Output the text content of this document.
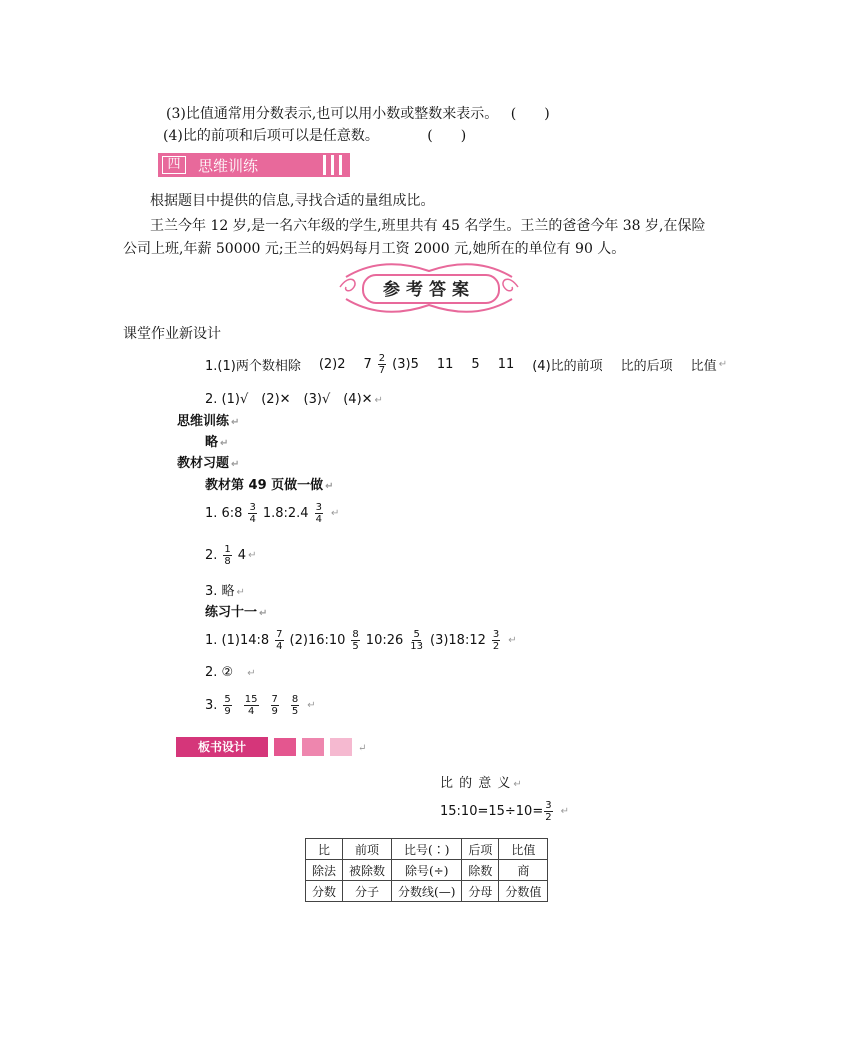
(3)比值通常用分数表示,也可以用小数或整数来表示。 (　　)
(4)比的前项和后项可以是任意数。	(　　)
四	思维训练
根据题目中提供的信息,寻找合适的量组成比。
王兰今年 12 岁,是一名六年级的学生,班里共有 45 名学生。王兰的爸爸今年 38 岁,在保险
公司上班,年薪 50000 元;王兰的妈妈每月工资 2000 元,她所在的单位有 90 人。
参考答案
课堂作业新设计
1.(1)两个数相除 (2)2 $7 \frac{2}{7} (3)5$ 11 5 11 (4)比的前项 比的后项 比值 ↵
2. (1)√　(2)✕　(3)√　(4)✕ ↵
思维训练 ↵
略 ↵
教材习题 ↵
教材第 49 页做一做 ↵
1. 6:8 $\frac{3}{4}$ 1.8:2.4 $\frac{3}{4}$ ↵
2. $\frac{1}{8} 4$ ↵
3. 略 ↵
练习十一 ↵
1. (1)14:8 $\frac{7}{4}$ (2)16:10 $\frac{8}{5}$ 10:26 $\frac{5}{13}$ (3)18:12 $\frac{3}{2}$ ↵
2. ② ↵
3. $\frac{5}{9} \frac{15}{4} \frac{7}{9} \frac{8}{5}$ ↵
板书设计	↵
比 的 意 义 ↵
15:10=15÷10= $\frac{3}{2}$ ↵
比	前项	比号(∶)	后项	比值
除法	被除数	除号(÷)	除数	商
分数	分子	分数线(—)	分母	分数值
